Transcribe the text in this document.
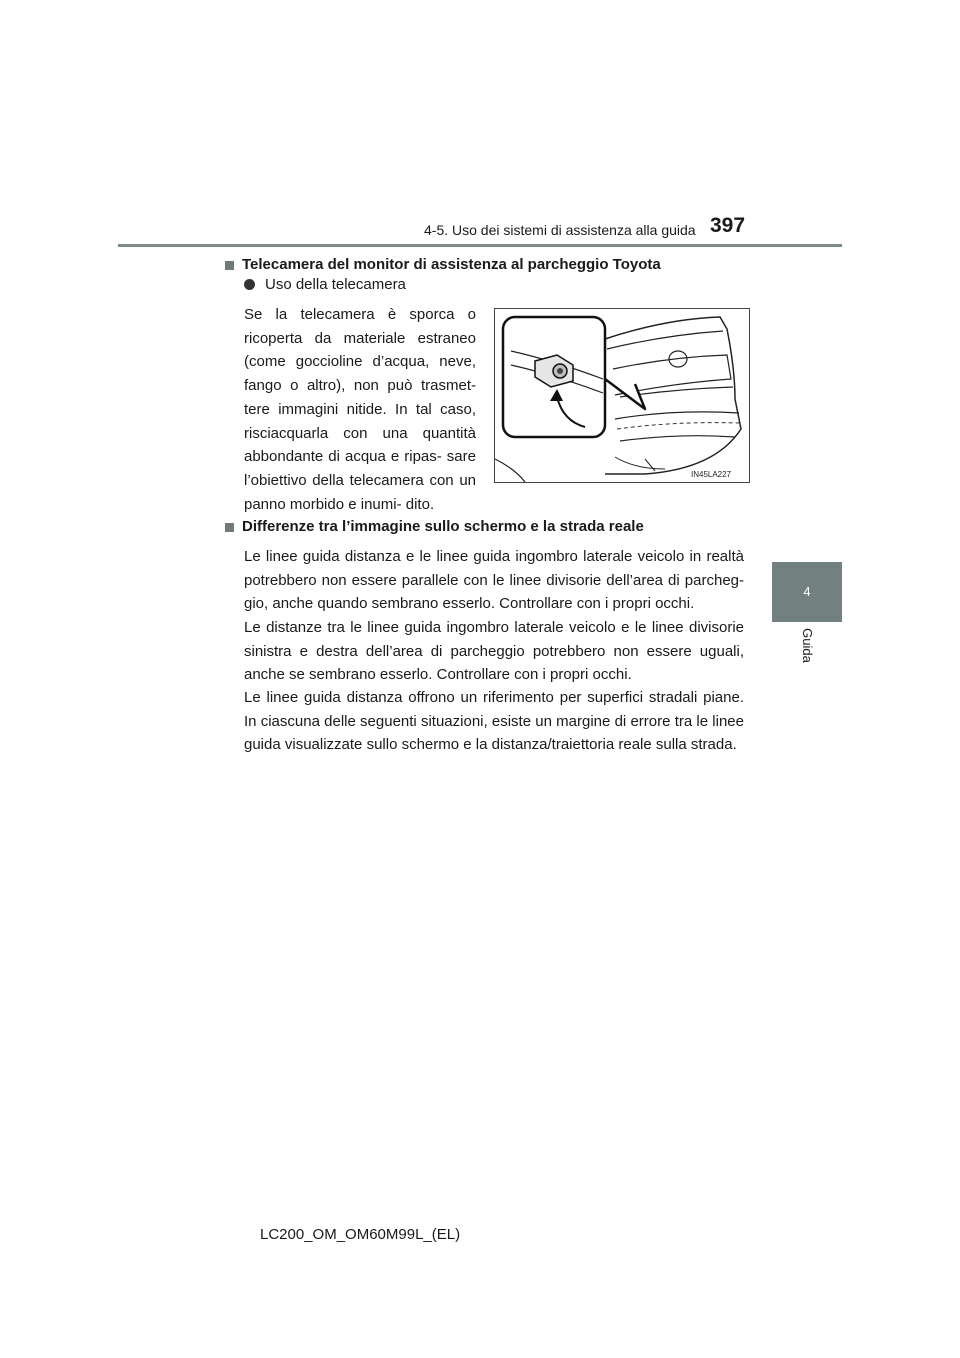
4-5. Uso dei sistemi di assistenza alla guida 397
4
Guida
Telecamera del monitor di assistenza al parcheggio Toyota
Uso della telecamera
Se la telecamera è sporca o ricoperta da materiale estraneo (come goccioline d’acqua, neve, fango o altro), non può trasmet- tere immagini nitide. In tal caso, risciacquarla con una quantità abbondante di acqua e ripas- sare l’obiettivo della telecamera con un panno morbido e inumi- dito.
IN45LA227
Differenze tra l’immagine sullo schermo e la strada reale
Le linee guida distanza e le linee guida ingombro laterale veicolo in realtà potrebbero non essere parallele con le linee divisorie dell’area di parcheg- gio, anche quando sembrano esserlo. Controllare con i propri occhi.
Le distanze tra le linee guida ingombro laterale veicolo e le linee divisorie sinistra e destra dell’area di parcheggio potrebbero non essere uguali, anche se sembrano esserlo. Controllare con i propri occhi.
Le linee guida distanza offrono un riferimento per superfici stradali piane. In ciascuna delle seguenti situazioni, esiste un margine di errore tra le linee guida visualizzate sullo schermo e la distanza/traiettoria reale sulla strada.
LC200_OM_OM60M99L_(EL)
